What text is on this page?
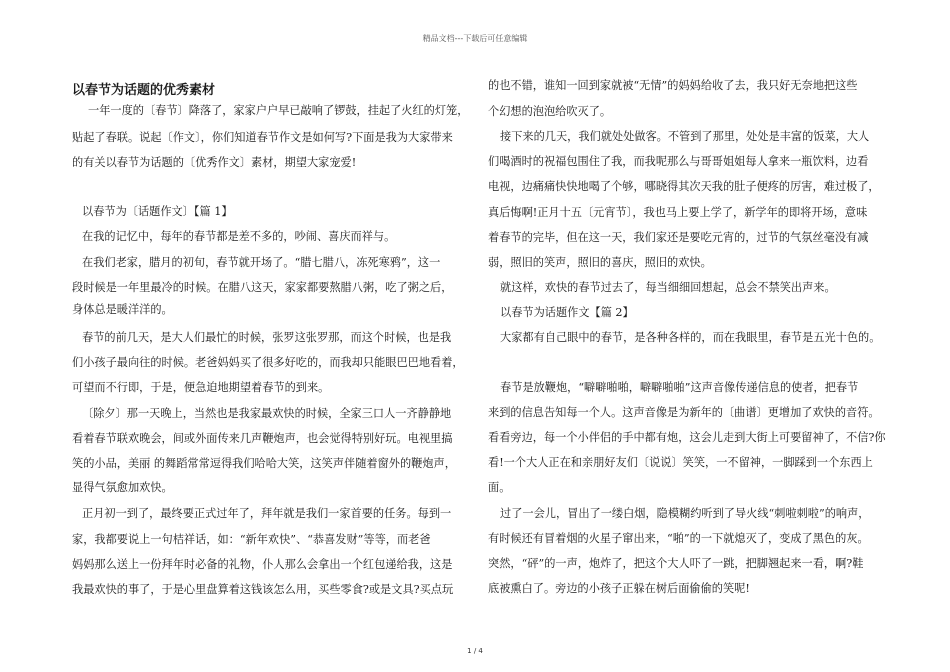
精品文档---下载后可任意编辑
以春节为话题的优秀素材
一年一度的〔春节〕降落了，家家户户早已敲响了锣鼓，挂起了火红的灯笼，
贴起了春联。说起〔作文〕，你们知道春节作文是如何写?下面是我为大家带来
的有关以春节为话题的〔优秀作文〕素材，期望大家宠爱!
以春节为〔话题作文〕【篇 1】
在我的记忆中，每年的春节都是差不多的，吵闹、喜庆而祥与。
在我们老家，腊月的初旬，春节就开场了。“腊七腊八，冻死寒鸦”，这一
段时候是一年里最冷的时候。在腊八这天，家家都要熬腊八粥，吃了粥之后，
身体总是暖洋洋的。
春节的前几天，是大人们最忙的时候，张罗这张罗那，而这个时候，也是我
们小孩子最向往的时候。老爸妈妈买了很多好吃的，而我却只能眼巴巴地看着，
可望而不行即，于是，便急迫地期望着春节的到来。
〔除夕〕那一天晚上，当然也是我家最欢快的时候，全家三口人一齐静静地
看着春节联欢晚会，间或外面传来几声鞭炮声，也会觉得特别好玩。电视里搞
笑的小品，美丽 的舞蹈常常逗得我们哈哈大笑，这笑声伴随着窗外的鞭炮声，
显得气氛愈加欢快。
正月初一到了，最终要正式过年了，拜年就是我们一家首要的任务。每到一
家，我都要说上一句桔祥话，如：“新年欢快”、“恭喜发财”等等，而老爸
妈妈那么送上一份拜年时必备的礼物，仆人那么会拿出一个红包递给我，这是
我最欢快的事了，于是心里盘算着这钱该怎么用，买些零食?或是文具?买点玩
的也不错，谁知一回到家就被“无情”的妈妈给收了去，我只好无奈地把这些
个幻想的泡泡给吹灭了。
接下来的几天，我们就处处做客。不管到了那里，处处是丰富的饭菜，大人
们喝酒时的祝福包围住了我，而我呢那么与哥哥姐姐每人拿来一瓶饮料，边看
电视，边痛痛快快地喝了个够，哪晓得其次天我的肚子便疼的厉害，难过极了，
真后悔啊!正月十五〔元宵节〕，我也马上要上学了，新学年的即将开场，意味
着春节的完毕，但在这一天，我们家还是要吃元宵的，过节的气氛丝毫没有减
弱，照旧的笑声，照旧的喜庆，照旧的欢快。
就这样，欢快的春节过去了，每当细细回想起，总会不禁笑出声来。
以春节为话题作文【篇 2】
大家都有自己眼中的春节，是各种各样的，而在我眼里，春节是五光十色的。
春节是放鞭炮，“噼噼啪啪，噼噼啪啪”这声音像传递信息的使者，把春节
来到的信息告知每一个人。这声音像是为新年的〔曲谱〕更增加了欢快的音符。
看看旁边，每一个小伴侣的手中都有炮，这会儿走到大街上可要留神了，不信?你
看!一个大人正在和亲朋好友们〔说说〕笑笑，一不留神，一脚踩到一个东西上
面。
过了一会儿，冒出了一缕白烟，隐模糊约听到了导火线“刺啦刺啦”的响声，
有时候还有冒着烟的火星子窜出来，“啪”的一下就熄灭了，变成了黑色的灰。
突然，“砰”的一声，炮炸了，把这个大人吓了一跳，把脚翘起来一看，啊?鞋
底被熏白了。旁边的小孩子正躲在树后面偷偷的笑呢!
1 / 4
